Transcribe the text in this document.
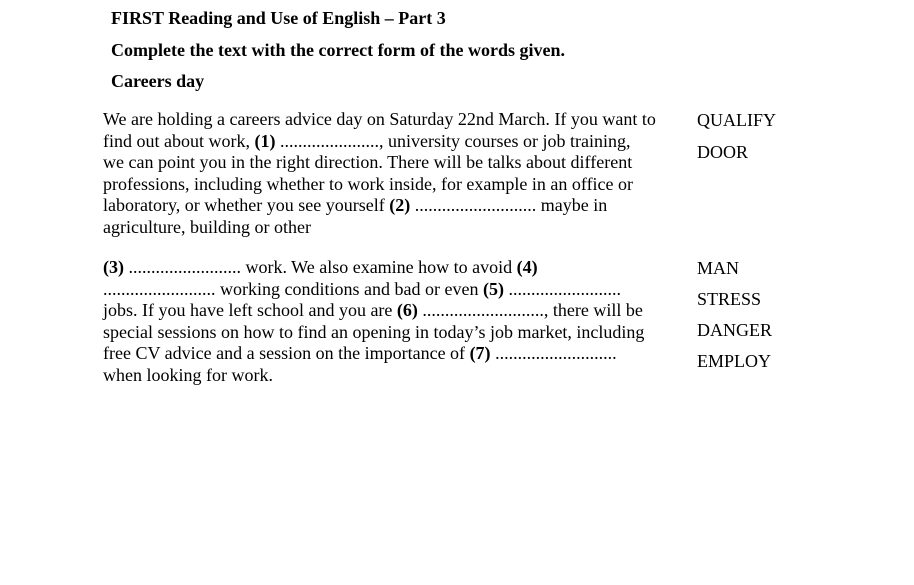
FIRST Reading and Use of English – Part 3
Complete the text with the correct form of the words given.
Careers day
We are holding a careers advice day on Saturday 22nd March. If you want to
find out about work, (1) ......................, university courses or job training,
we can point you in the right direction. There will be talks about different
professions, including whether to work inside, for example in an office or
laboratory, or whether you see yourself (2) ........................... maybe in
agriculture, building or other
(3) ......................... work. We also examine how to avoid (4)
......................... working conditions and bad or even (5) .........................
jobs. If you have left school and you are (6) ..........................., there will be
special sessions on how to find an opening in today’s job market, including
free CV advice and a session on the importance of (7) ...........................
when looking for work.
QUALIFY
DOOR
MAN
STRESS
DANGER
EMPLOY
